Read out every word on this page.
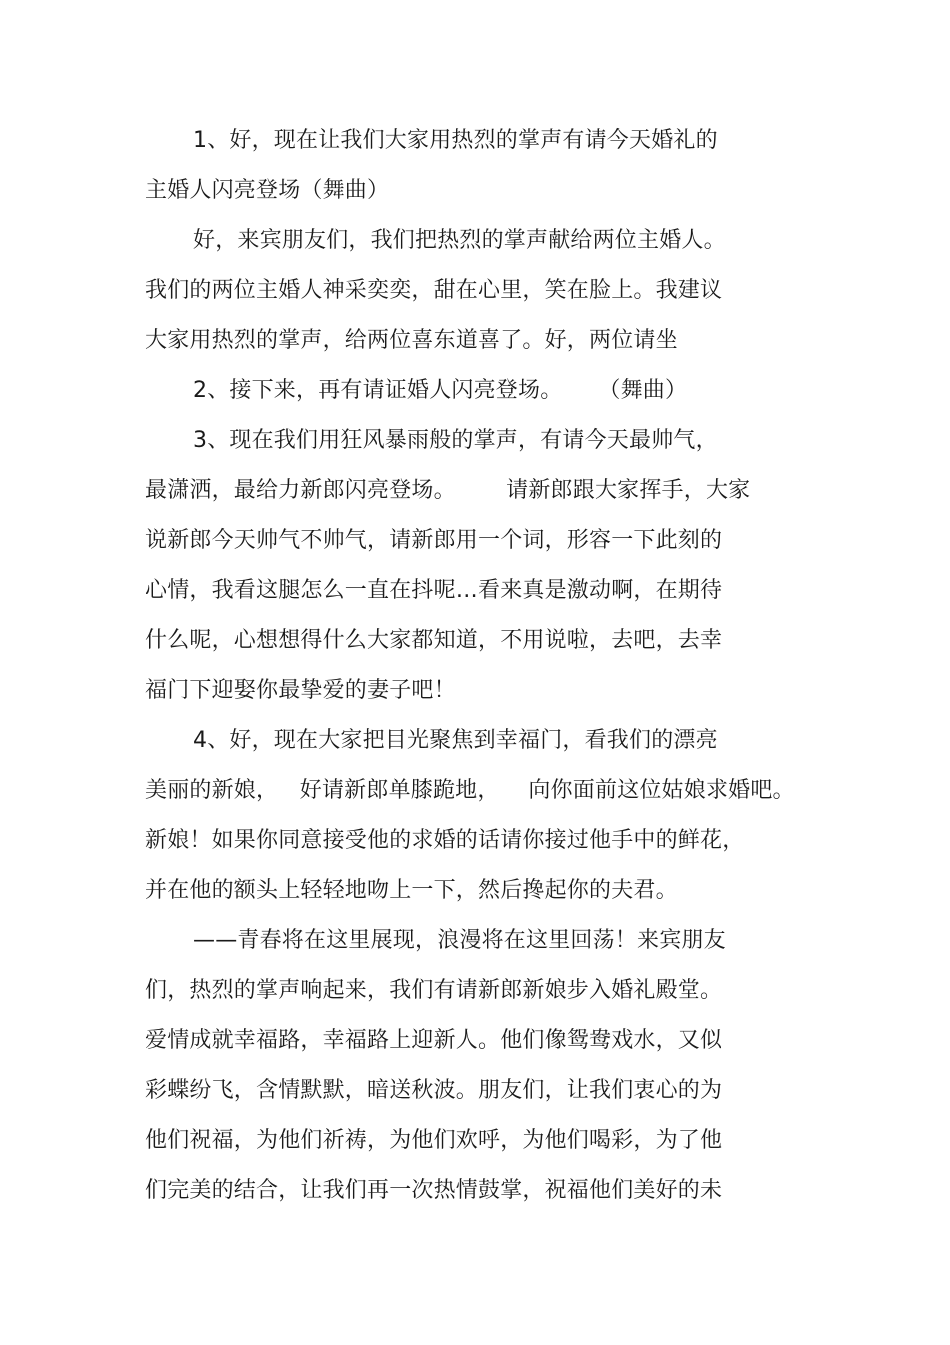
1、好，现在让我们大家用热烈的掌声有请今天婚礼的
主婚人闪亮登场（舞曲）
好，来宾朋友们，我们把热烈的掌声献给两位主婚人。
我们的两位主婚人神采奕奕，甜在心里，笑在脸上。我建议
大家用热烈的掌声，给两位喜东道喜了。好，两位请坐
2、接下来，再有请证婚人闪亮登场。     （舞曲）
3、现在我们用狂风暴雨般的掌声，有请今天最帅气，
最潇洒，最给力新郎闪亮登场。       请新郎跟大家挥手，大家
说新郎今天帅气不帅气，请新郎用一个词，形容一下此刻的
心情，我看这腿怎么一直在抖呢…看来真是激动啊，在期待
什么呢，心想想得什么大家都知道，不用说啦，去吧，去幸
福门下迎娶你最挚爱的妻子吧！
4、好，现在大家把目光聚焦到幸福门，看我们的漂亮
美丽的新娘，   好请新郎单膝跪地，    向你面前这位姑娘求婚吧。
新娘！如果你同意接受他的求婚的话请你接过他手中的鲜花，
并在他的额头上轻轻地吻上一下，然后搀起你的夫君。
——青春将在这里展现，浪漫将在这里回荡！来宾朋友
们，热烈的掌声响起来，我们有请新郎新娘步入婚礼殿堂。
爱情成就幸福路，幸福路上迎新人。他们像鸳鸯戏水，又似
彩蝶纷飞，含情默默，暗送秋波。朋友们，让我们衷心的为
他们祝福，为他们祈祷，为他们欢呼，为他们喝彩，为了他
们完美的结合，让我们再一次热情鼓掌，祝福他们美好的未
